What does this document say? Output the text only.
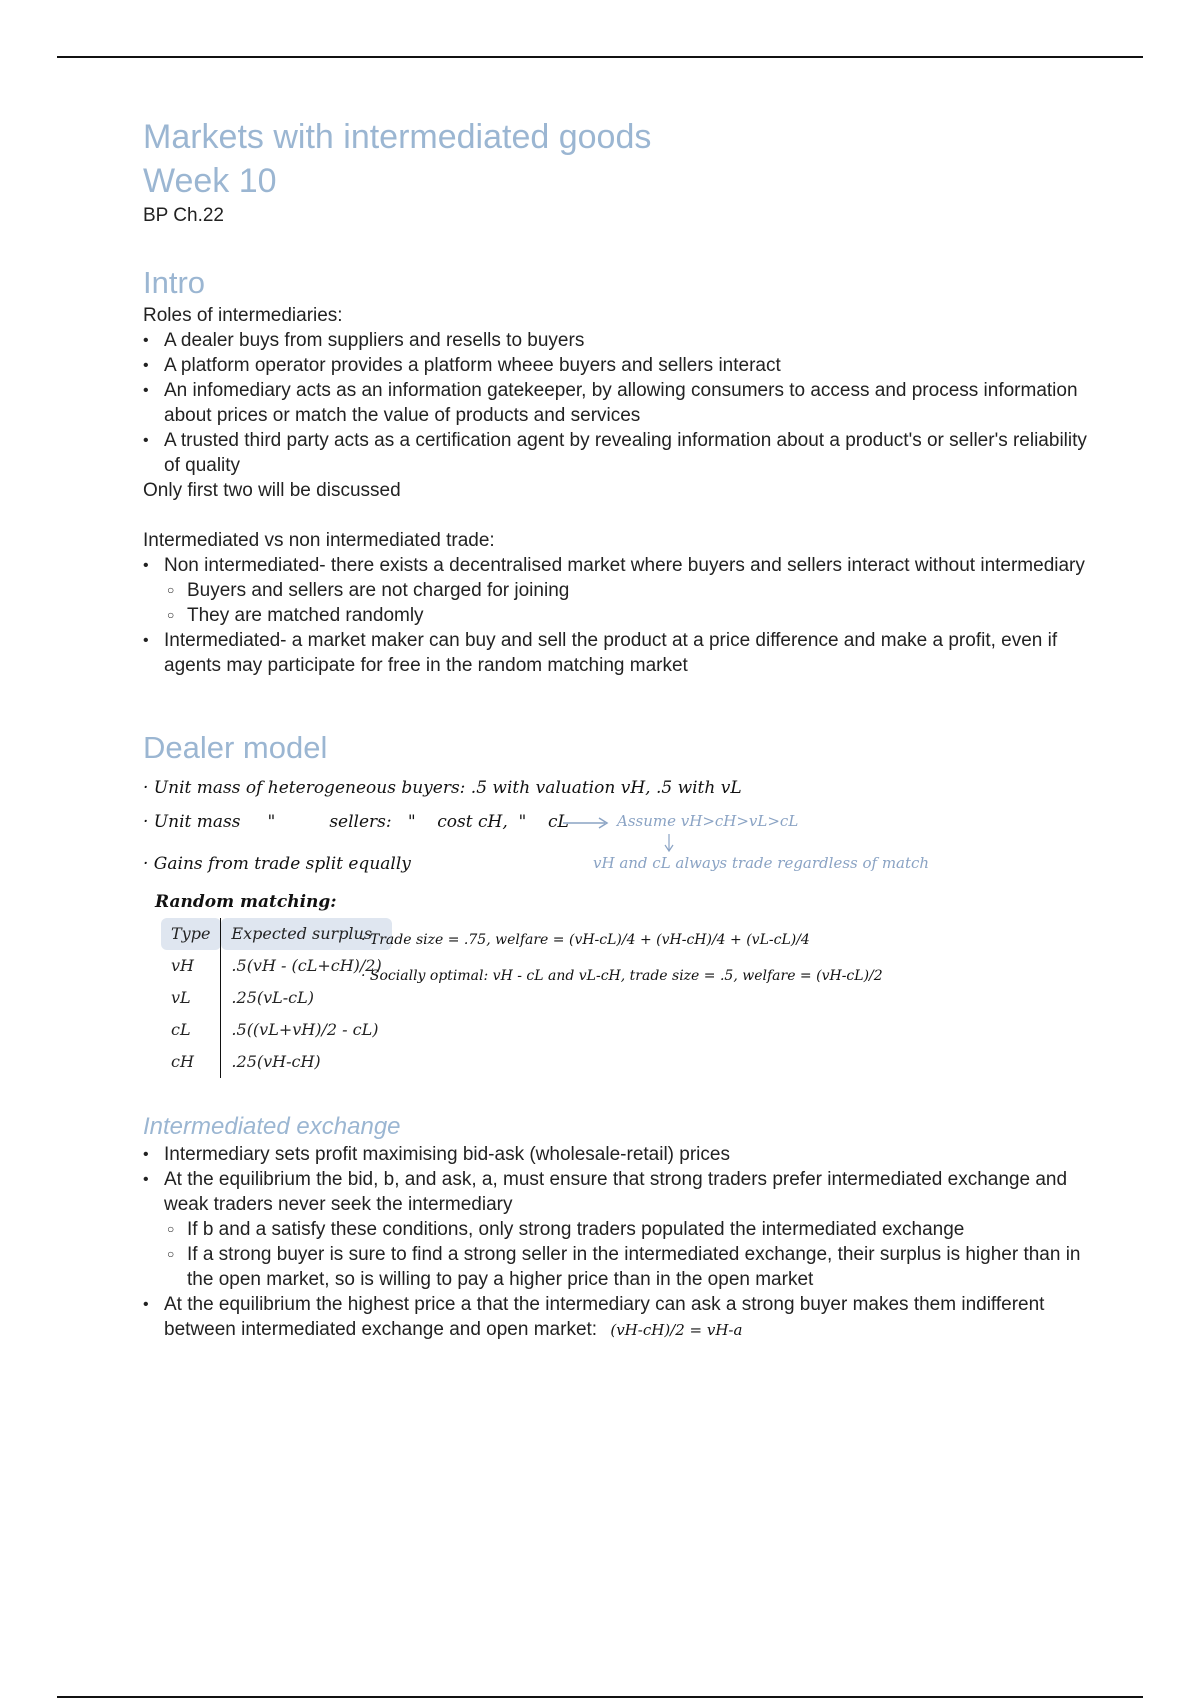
Markets with intermediated goods
Week 10
BP Ch.22
Intro
Roles of intermediaries:
• A dealer buys from suppliers and resells to buyers
• A platform operator provides a platform wheee buyers and sellers interact
• An infomediary acts as an information gatekeeper, by allowing consumers to access and process information about prices or match the value of products and services
• A trusted third party acts as a certification agent by revealing information about a product's or seller's reliability of quality
Only first two will be discussed
Intermediated vs non intermediated trade:
• Non intermediated- there exists a decentralised market where buyers and sellers interact without intermediary
○ Buyers and sellers are not charged for joining
○ They are matched randomly
• Intermediated- a market maker can buy and sell the product at a price difference and make a profit, even if agents may participate for free in the random matching market
Dealer model
· Unit mass of heterogeneous buyers: .5 with valuation vH, .5 with vL
· Unit mass     "          sellers:   "    cost cH,  "    cL
· Gains from trade split equally
Assume vH>cH>vL>cL
vH and cL always trade regardless of match
Random matching:
Type	Expected surplus
vH	.5(vH - (cL+cH)/2)
vL	.25(vL-cL)
cL	.5((vL+vH)/2 - cL)
cH	.25(vH-cH)
· Trade size = .75, welfare = (vH-cL)/4 + (vH-cH)/4 + (vL-cL)/4
· Socially optimal: vH - cL and vL-cH, trade size = .5, welfare = (vH-cL)/2
Intermediated exchange
• Intermediary sets profit maximising bid-ask (wholesale-retail) prices
• At the equilibrium the bid, b, and ask, a, must ensure that strong traders prefer intermediated exchange and weak traders never seek the intermediary
○ If b and a satisfy these conditions, only strong traders populated the intermediated exchange
○ If a strong buyer is sure to find a strong seller in the intermediated exchange, their surplus is higher than in the open market, so is willing to pay a higher price than in the open market
• At the equilibrium the highest price a that the intermediary can ask a strong buyer makes them indifferent between intermediated exchange and open market: (vH-cH)/2 = vH-a
